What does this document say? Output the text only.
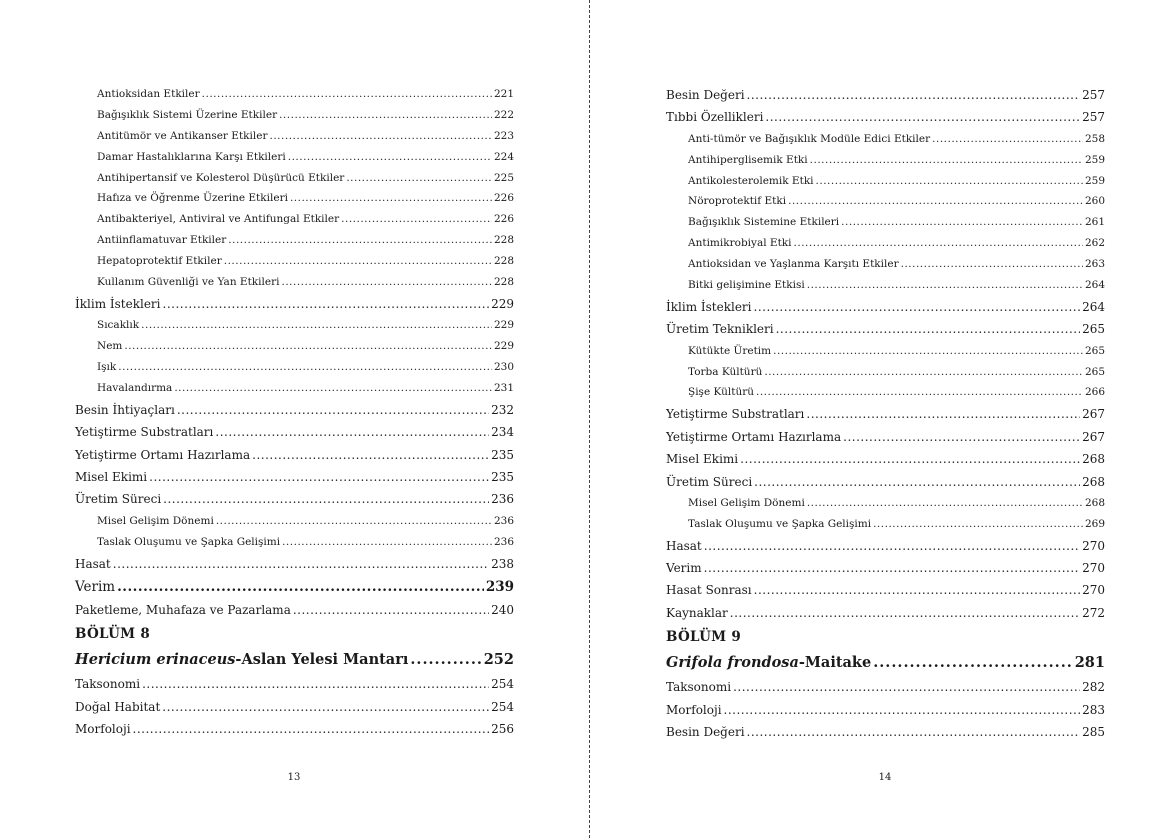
Antioksidan Etkiler .....	221
Bağışıklık Sistemi Üzerine Etkiler .....	222
Antitümör ve Antikanser Etkiler .....	223
Damar Hastalıklarına Karşı Etkileri .....	224
Antihipertansif ve Kolesterol Düşürücü Etkiler .....	225
Hafıza ve Öğrenme Üzerine Etkileri .....	226
Antibakteriyel, Antiviral ve Antifungal Etkiler .....	226
Antiinflamatuvar Etkiler .....	228
Hepatoprotektif Etkiler .....	228
Kullanım Güvenliği ve Yan Etkileri .....	228
İklim İstekleri .....	229
Sıcaklık .....	229
Nem .....	229
Işık .....	230
Havalandırma .....	231
Besin İhtiyaçları .....	232
Yetiştirme Substratları .....	234
Yetiştirme Ortamı Hazırlama .....	235
Misel Ekimi .....	235
Üretim Süreci .....	236
Misel Gelişim Dönemi .....	236
Taslak Oluşumu ve Şapka Gelişimi .....	236
Hasat .....	238
Verim .....	239
Paketleme, Muhafaza ve Pazarlama .....	240
BÖLÜM 8
Hericium erinaceus-Aslan Yelesi Mantarı .....	252
Taksonomi .....	254
Doğal Habitat .....	254
Morfoloji .....	256
13
Besin Değeri .....	257
Tıbbi Özellikleri .....	257
Anti-tümör ve Bağışıklık Modüle Edici Etkiler .....	258
Antihiperglisemik Etki .....	259
Antikolesterolemik Etki .....	259
Nöroprotektif Etki .....	260
Bağışıklık Sistemine Etkileri .....	261
Antimikrobiyal Etki .....	262
Antioksidan ve Yaşlanma Karşıtı Etkiler .....	263
Bitki gelişimine Etkisi .....	264
İklim İstekleri .....	264
Üretim Teknikleri .....	265
Kütükte Üretim .....	265
Torba Kültürü .....	265
Şişe Kültürü .....	266
Yetiştirme Substratları .....	267
Yetiştirme Ortamı Hazırlama .....	267
Misel Ekimi .....	268
Üretim Süreci .....	268
Misel Gelişim Dönemi .....	268
Taslak Oluşumu ve Şapka Gelişimi .....	269
Hasat .....	270
Verim .....	270
Hasat Sonrası .....	270
Kaynaklar .....	272
BÖLÜM 9
Grifola frondosa-Maitake .....	281
Taksonomi .....	282
Morfoloji .....	283
Besin Değeri .....	285
14
